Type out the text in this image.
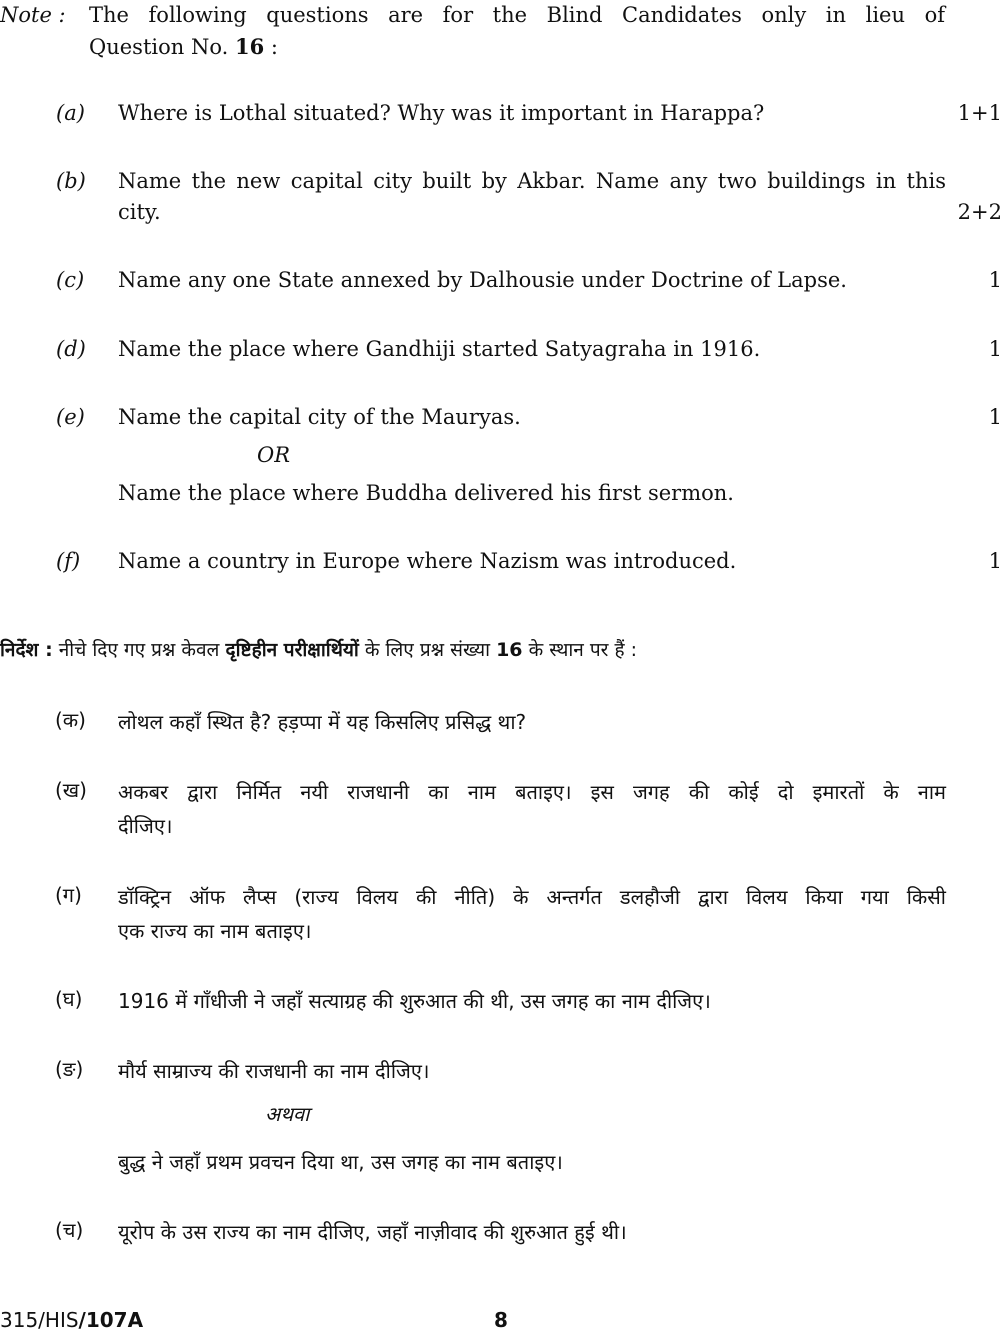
Note : The following questions are for the Blind Candidates only in lieu of
Question No. 16 :
(a) Where is Lothal situated? Why was it important in Harappa?	1+1
(b) Name the new capital city built by Akbar. Name any two buildings in this
city.	2+2
(c) Name any one State annexed by Dalhousie under Doctrine of Lapse.	1
(d) Name the place where Gandhiji started Satyagraha in 1916.	1
(e) Name the capital city of the Mauryas.	1
OR
Name the place where Buddha delivered his first sermon.
(f) Name a country in Europe where Nazism was introduced.	1
निर्देश : नीचे दिए गए प्रश्न केवल दृष्टिहीन परीक्षार्थियों के लिए प्रश्न संख्या 16 के स्थान पर हैं :
(क) लोथल कहाँ स्थित है? हड़प्पा में यह किसलिए प्रसिद्ध था?
(ख) अकबर द्वारा निर्मित नयी राजधानी का नाम बताइए। इस जगह की कोई दो इमारतों के नाम
दीजिए।
(ग) डॉक्ट्रिन ऑफ लैप्स (राज्य विलय की नीति) के अन्तर्गत डलहौजी द्वारा विलय किया गया किसी
एक राज्य का नाम बताइए।
(घ) 1916 में गाँधीजी ने जहाँ सत्याग्रह की शुरुआत की थी, उस जगह का नाम दीजिए।
(ङ) मौर्य साम्राज्य की राजधानी का नाम दीजिए।
अथवा
बुद्ध ने जहाँ प्रथम प्रवचन दिया था, उस जगह का नाम बताइए।
(च) यूरोप के उस राज्य का नाम दीजिए, जहाँ नाज़ीवाद की शुरुआत हुई थी।
315/HIS/107A	8
